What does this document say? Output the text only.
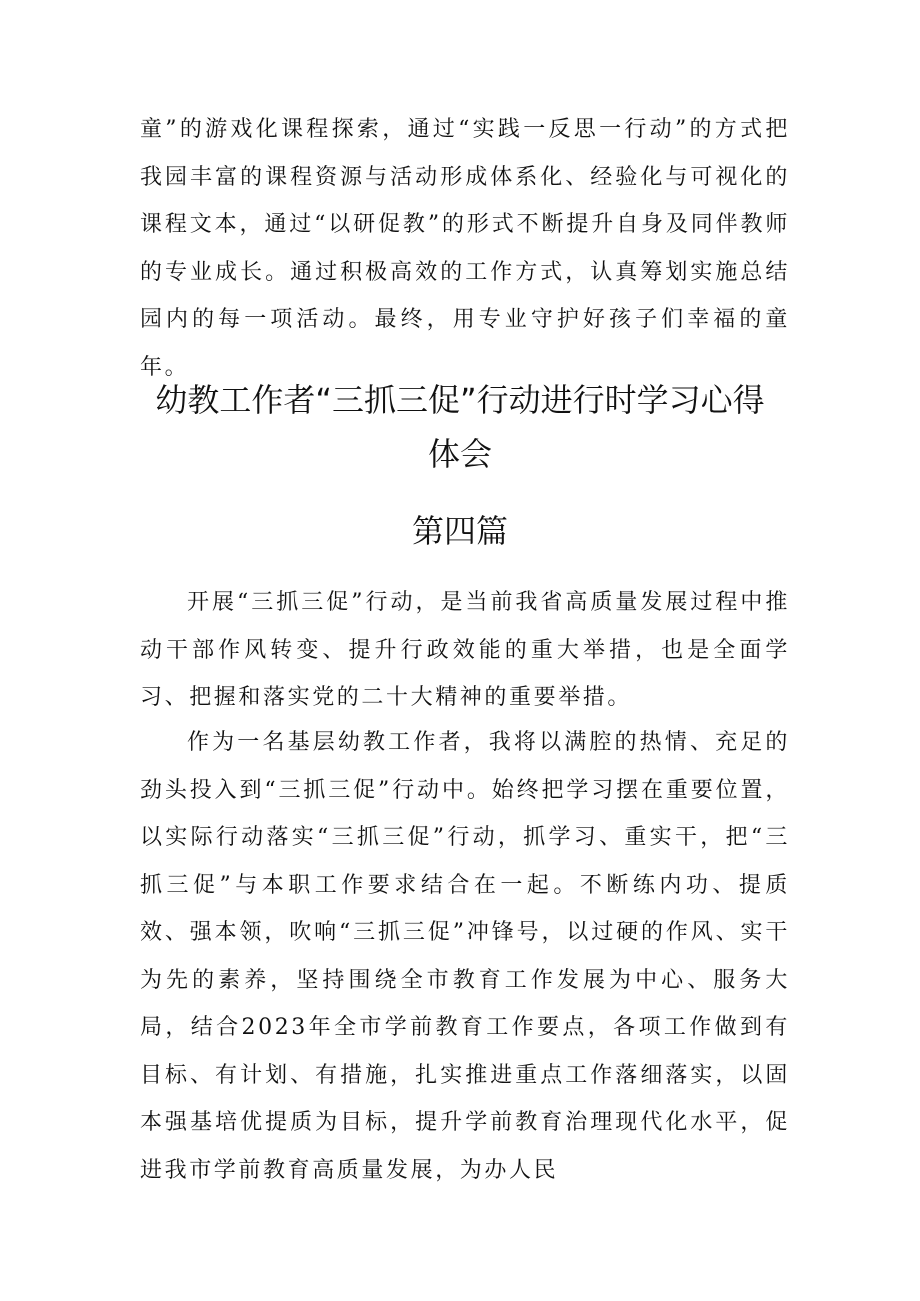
童”的游戏化课程探索，通过“实践一反思一行动”的方式把我园丰富的课程资源与活动形成体系化、经验化与可视化的课程文本，通过“以研促教”的形式不断提升自身及同伴教师的专业成长。通过积极高效的工作方式，认真筹划实施总结园内的每一项活动。最终，用专业守护好孩子们幸福的童年。

幼教工作者“三抓三促”行动进行时学习心得
体会
第四篇

开展“三抓三促”行动，是当前我省高质量发展过程中推动干部作风转变、提升行政效能的重大举措，也是全面学习、把握和落实党的二十大精神的重要举措。

作为一名基层幼教工作者，我将以满腔的热情、充足的劲头投入到“三抓三促”行动中。始终把学习摆在重要位置，以实际行动落实“三抓三促”行动，抓学习、重实干，把“三抓三促”与本职工作要求结合在一起。不断练内功、提质效、强本领，吹响“三抓三促”冲锋号，以过硬的作风、实干为先的素养，坚持围绕全市教育工作发展为中心、服务大局，结合2023年全市学前教育工作要点，各项工作做到有目标、有计划、有措施，扎实推进重点工作落细落实，以固本强基培优提质为目标，提升学前教育治理现代化水平，促进我市学前教育高质量发展，为办人民
